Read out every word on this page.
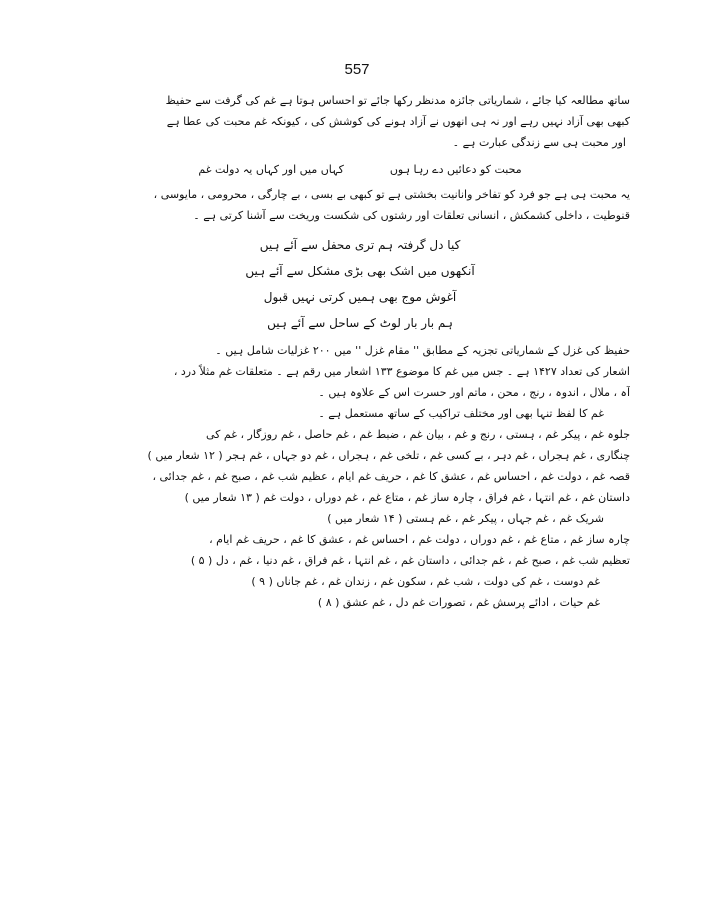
557
ساتھ مطالعہ کیا جائے ، شماریاتی جائزہ مدنظر رکھا جائے تو احساس ہوتا ہے غم کی گرفت سے حفیظ
کبھی بھی آزاد نہیں رہے اور نہ ہی انھوں نے آزاد ہونے کی کوشش کی ، کیونکہ غم محبت کی عطا ہے
اور محبت ہی سے زندگی عبارت ہے ۔
محبت کو دعائیں دے رہا ہوں
کہاں میں اور کہاں یہ دولت غم
یہ محبت ہی ہے جو فرد کو تفاخر وانانیت بخشتی ہے تو کبھی بے بسی ، بے چارگی ، محرومی ، مایوسی ،
قنوطیت ، داخلی کشمکش ، انسانی تعلقات اور رشتوں کی شکست وریخت سے آشنا کرتی ہے ۔
کیا دل گرفتہ ہم تری محفل سے آئے ہیں
آنکھوں میں اشک بھی بڑی مشکل سے آئے ہیں
آغوش موج بھی ہمیں کرتی نہیں قبول
ہم بار بار لوٹ کے ساحل سے آئے ہیں
حفیظ کی غزل کے شماریاتی تجزیہ کے مطابق '' مقام غزل '' میں ۲۰۰ غزلیات شامل ہیں ۔
اشعار کی تعداد ۱۴۲۷ ہے ۔ جس میں غم کا موضوع ۱۳۳ اشعار میں رقم ہے ۔ متعلقات غم مثلاً درد ،
آہ ، ملال ، اندوہ ، رنج ، محن ، ماتم اور حسرت اس کے علاوہ ہیں ۔
غم کا لفظ تنہا بھی اور مختلف تراکیب کے ساتھ مستعمل ہے ۔
جلوہ غم ، پیکر غم ، ہستی ، رنج و غم ، بیان غم ، ضبط غم ، غم حاصل ، غم روزگار ، غم کی
چنگاری ، غم ہجراں ، غم دہر ، بے کسی غم ، تلخی غم ، ہجراں ، غم دو جہاں ، غم ہجر ( ۱۲ شعار میں )
قصہ غم ، دولت غم ، احساس غم ، عشق کا غم ، حریف غم ایام ، عظیم شب غم ، صبح غم ، غم جدائی ،
داستان غم ، غم انتہا ، غم فراق ، چارہ ساز غم ، متاع غم ، غم دوراں ، دولت غم ( ۱۳ شعار میں )
شریک غم ، غم جہاں ، پیکر غم ، غم ہستی ( ۱۴ شعار میں )
چارہ ساز غم ، متاع غم ، غم دوراں ، دولت غم ، احساس غم ، عشق کا غم ، حریف غم ایام ،
تعظیم شب غم ، صبح غم ، غم جدائی ، داستان غم ، غم انتہا ، غم فراق ، غم دنیا ، غم ، دل ( ۵ )
غم دوست ، غم کی دولت ، شب غم ، سکون غم ، زندان غم ، غم جاناں ( ۹ )
غم حیات ، ادائے پرسش غم ، تصورات غم دل ، غم عشق ( ۸ )
